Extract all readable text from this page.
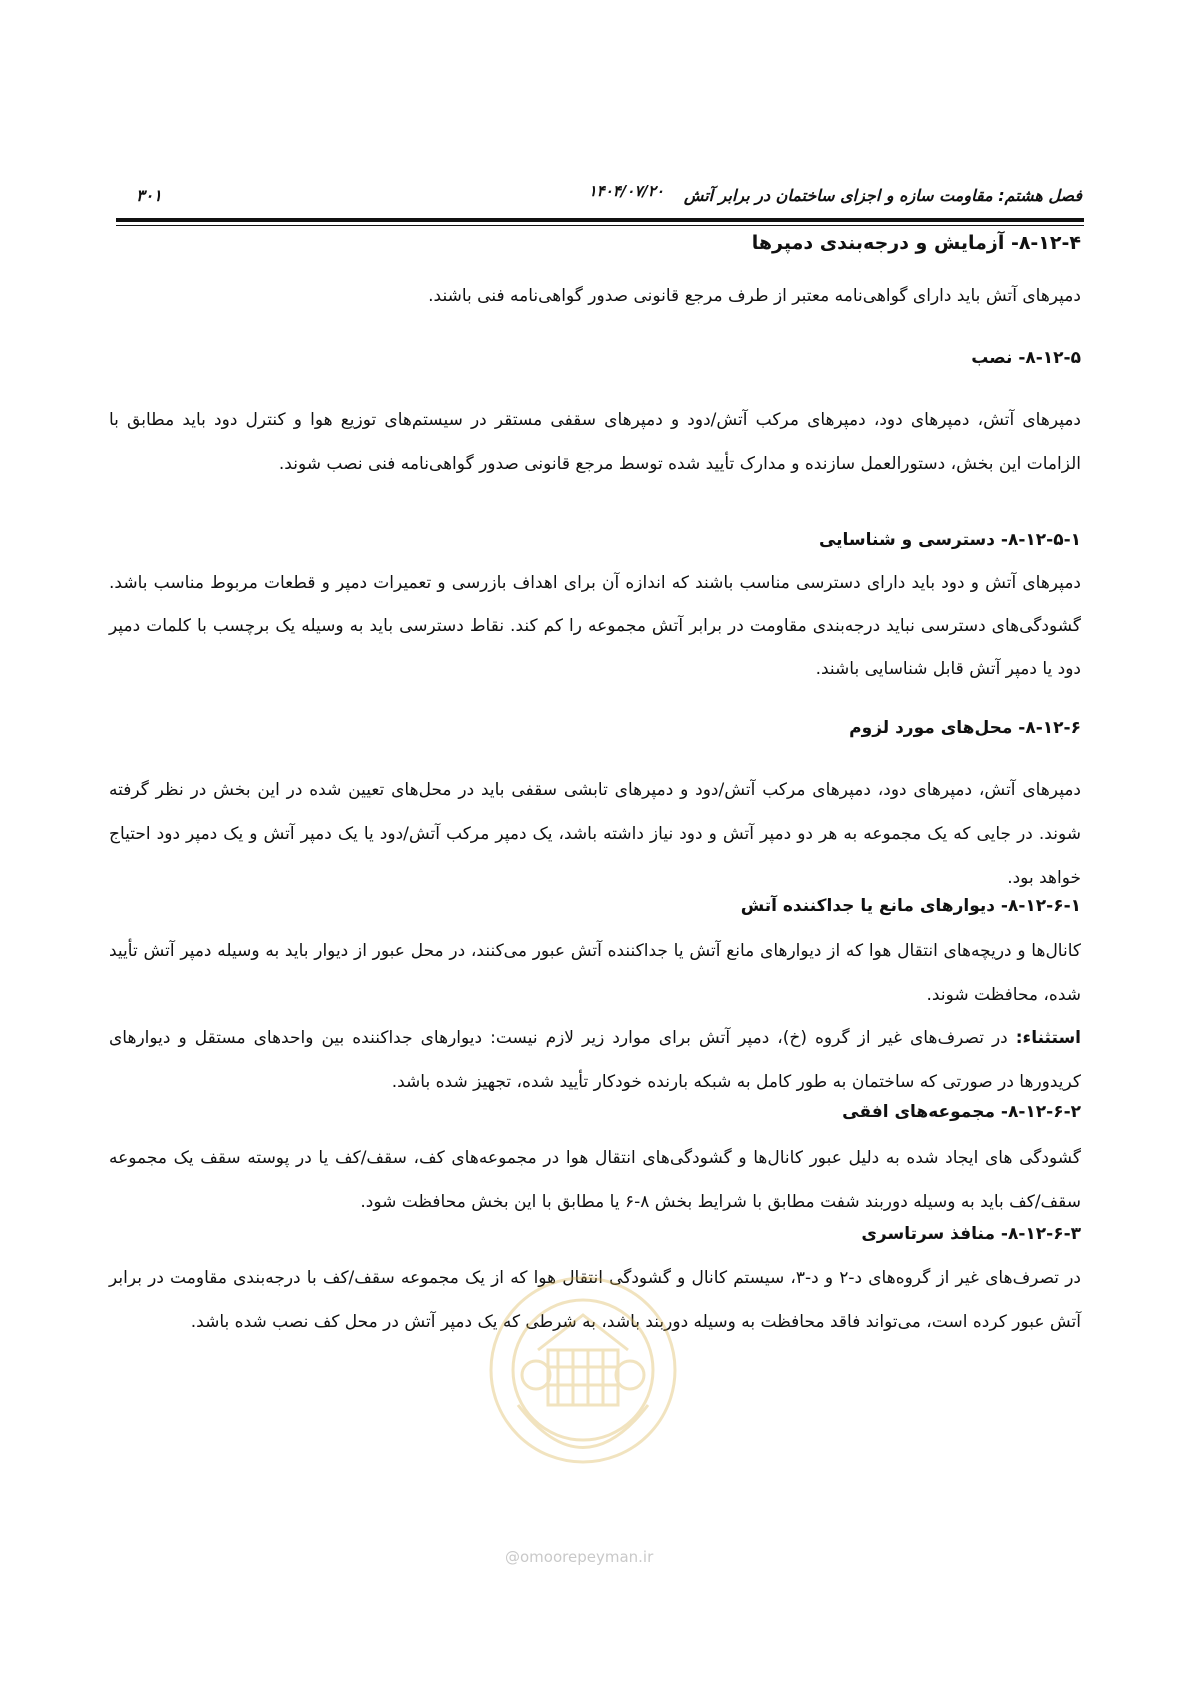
فصل هشتم: مقاومت سازه و اجزای ساختمان در برابر آتش
۱۴۰۴/۰۷/۲۰
۳۰۱
۸-۱۲-۴- آزمایش و درجه‌بندی دمپرها

دمپرهای آتش باید دارای گواهی‌نامه معتبر از طرف مرجع قانونی صدور گواهی‌نامه فنی باشند.

۸-۱۲-۵- نصب

دمپرهای آتش، دمپرهای دود، دمپرهای مرکب آتش/دود و دمپرهای سقفی مستقر در سیستم‌های توزیع هوا و کنترل دود باید مطابق با الزامات این بخش، دستورالعمل سازنده و مدارک تأیید شده توسط مرجع قانونی صدور گواهی‌نامه فنی نصب شوند.

۸-۱۲-۵-۱- دسترسی و شناسایی

دمپرهای آتش و دود باید دارای دسترسی مناسب باشند که اندازه آن برای اهداف بازرسی و تعمیرات دمپر و قطعات مربوط مناسب باشد. گشودگی‌های دسترسی نباید درجه‌بندی مقاومت در برابر آتش مجموعه را کم کند. نقاط دسترسی باید به وسیله یک برچسب با کلمات دمپر دود یا دمپر آتش قابل شناسایی باشند.

۸-۱۲-۶- محل‌های مورد لزوم

دمپرهای آتش، دمپرهای دود، دمپرهای مرکب آتش/دود و دمپرهای تابشی سقفی باید در محل‌های تعیین شده در این بخش در نظر گرفته شوند. در جایی که یک مجموعه به هر دو دمپر آتش و دود نیاز داشته باشد، یک دمپر مرکب آتش/دود یا یک دمپر آتش و یک دمپر دود احتیاج خواهد بود.

۸-۱۲-۶-۱- دیوارهای مانع یا جداکننده آتش

کانال‌ها و دریچه‌های انتقال هوا که از دیوارهای مانع آتش یا جداکننده آتش عبور می‌کنند، در محل عبور از دیوار باید به وسیله دمپر آتش تأیید شده، محافظت شوند.

استثناء: در تصرف‌های غیر از گروه (خ)، دمپر آتش برای موارد زیر لازم نیست: دیوارهای جداکننده بین واحدهای مستقل و دیوارهای کریدورها در صورتی که ساختمان به طور کامل به شبکه بارنده خودکار تأیید شده، تجهیز شده باشد.

۸-۱۲-۶-۲- مجموعه‌های افقی

گشودگی های ایجاد شده به دلیل عبور کانال‌ها و گشودگی‌های انتقال هوا در مجموعه‌های کف، سقف/کف یا در پوسته سقف یک مجموعه سقف/کف باید به وسیله دوربند شفت مطابق با شرایط بخش ۸-۶ یا مطابق با این بخش محافظت شود.

۸-۱۲-۶-۳- منافذ سرتاسری

در تصرف‌های غیر از گروه‌های د-۲ و د-۳، سیستم کانال و گشودگی انتقال هوا که از یک مجموعه سقف/کف با درجه‌بندی مقاومت در برابر آتش عبور کرده است، می‌تواند فاقد محافظت به وسیله دوربند باشد، به شرطی که یک دمپر آتش در محل کف نصب شده باشد.

@omoorepeyman.ir
